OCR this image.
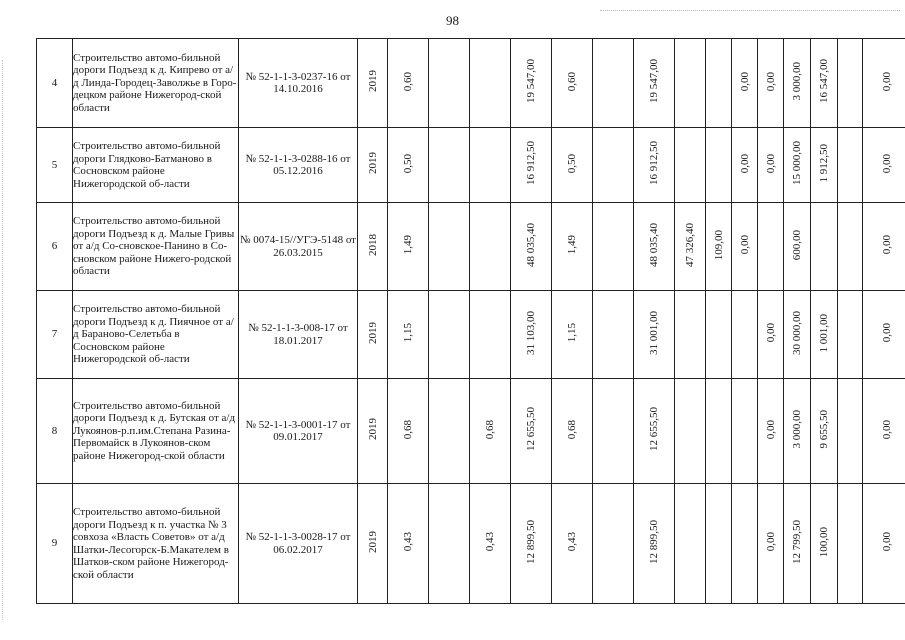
98
4	Строительство автомо-бильной дороги Подъезд к д. Кипрево от а/д Линда-Городец-Заволжье в Горо-децком районе Нижегород-ской области	№ 52-1-1-3-0237-16 от 14.10.2016	2019	0,60			19 547,00	0,60		19 547,00			0,00	0,00	3 000,00	16 547,00		0,00
5	Строительство автомо-бильной дороги Глядково-Батманово в Сосновском районе Нижегородской об-ласти	№ 52-1-1-3-0288-16 от 05.12.2016	2019	0,50			16 912,50	0,50		16 912,50			0,00	0,00	15 000,00	1 912,50		0,00
6	Строительство автомо-бильной дороги Подъезд к д. Малые Гривы от а/д Со-сновское-Панино в Со-сновском районе Нижего-родской области	№ 0074-15//УГЭ-5148 от 26.03.2015	2018	1,49			48 035,40	1,49		48 035,40	47 326,40	109,00	0,00		600,00			0,00
7	Строительство автомо-бильной дороги Подъезд к д. Пиячное от а/д Бараново-Селетьба в Сосновском районе Нижегородской об-ласти	№ 52-1-1-3-008-17 от 18.01.2017	2019	1,15			31 103,00	1,15		31 001,00				0,00	30 000,00	1 001,00		0,00
8	Строительство автомо-бильной дороги Подъезд к д. Бутская от а/д Лукоянов-р.п.им.Степана Разина-Первомайск в Лукоянов-ском районе Нижегород-ской области	№ 52-1-1-3-0001-17 от 09.01.2017	2019	0,68		0,68	12 655,50	0,68		12 655,50				0,00	3 000,00	9 655,50		0,00
9	Строительство автомо-бильной дороги Подъезд к п. участка № 3 совхоза «Власть Советов» от а/д Шатки-Лесогорск-Б.Макателем в Шатков-ском районе Нижегород-ской области	№ 52-1-1-3-0028-17 от 06.02.2017	2019	0,43		0,43	12 899,50	0,43		12 899,50				0,00	12 799,50	100,00		0,00
